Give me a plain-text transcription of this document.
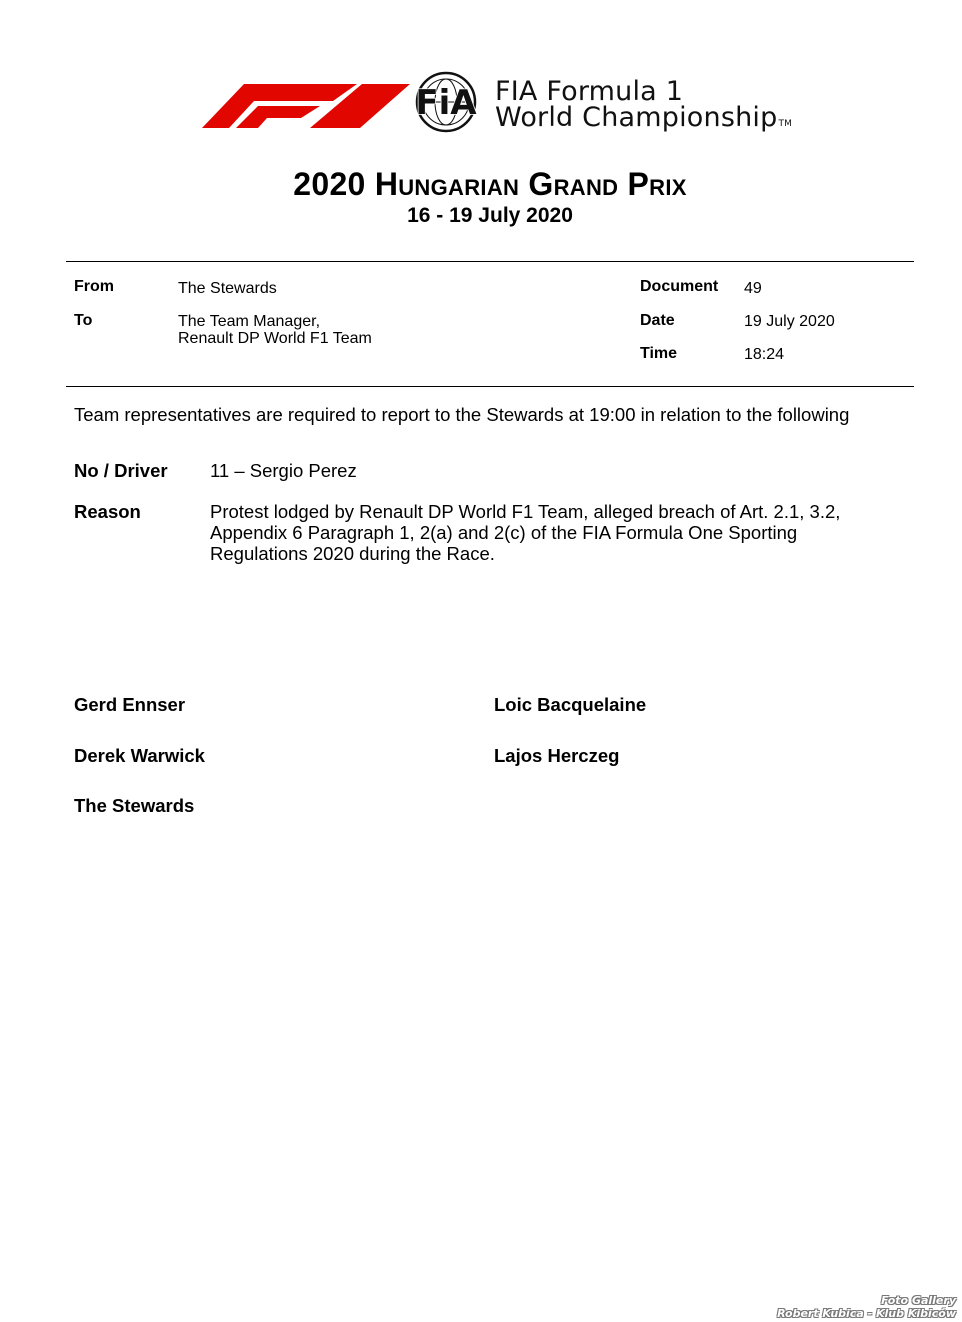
FiA FIA Formula 1
World ChampionshipTM
2020 Hungarian Grand Prix
16 - 19 July 2020
From	The Stewards
To	The Team Manager,
Renault DP World F1 Team
Document 49
Date	19 July 2020
Time	18:24
Team representatives are required to report to the Stewards at 19:00 in relation to the following
No / Driver 11 – Sergio Perez
Reason	Protest lodged by Renault DP World F1 Team, alleged breach of Art. 2.1, 3.2,
Appendix 6 Paragraph 1, 2(a) and 2(c) of the FIA Formula One Sporting
Regulations 2020 during the Race.
Gerd Ennser	Loic Bacquelaine
Derek Warwick	Lajos Herczeg
The Stewards
Foto Gallery
Robert Kubica - Klub Kibiców
